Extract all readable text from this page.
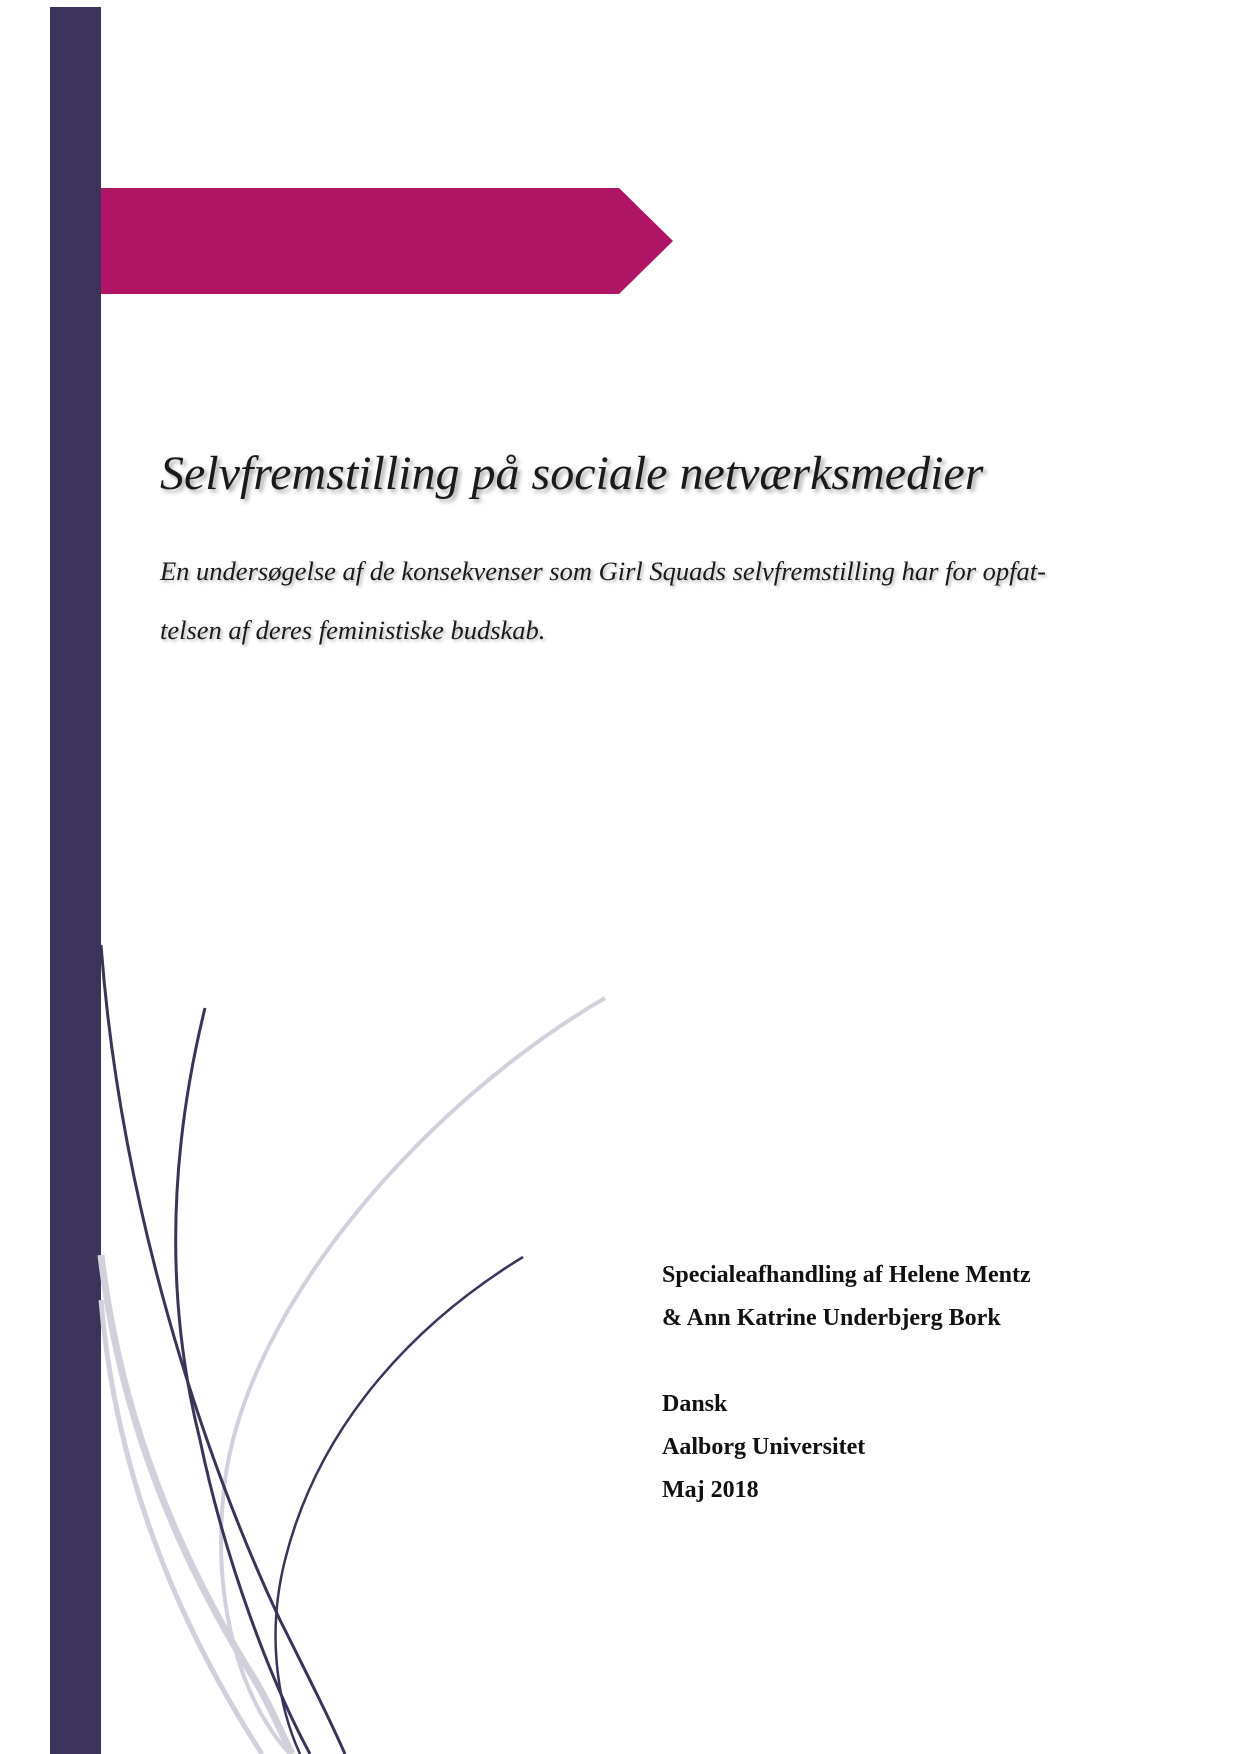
Selvfremstilling på sociale netværksmedier
En undersøgelse af de konsekvenser som Girl Squads selvfremstilling har for opfat-
telsen af deres feministiske budskab.
Specialeafhandling af Helene Mentz
& Ann Katrine Underbjerg Bork
Dansk
Aalborg Universitet
Maj 2018
